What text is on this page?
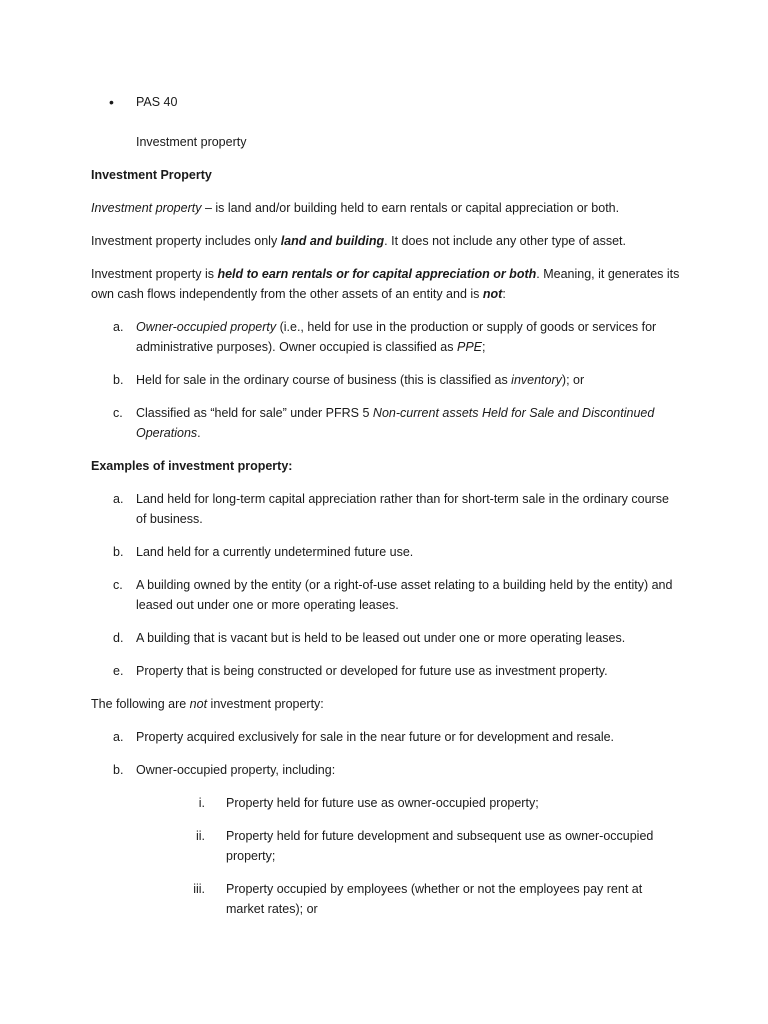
• PAS 40
Investment property

Investment Property

Investment property – is land and/or building held to earn rentals or capital appreciation or both.

Investment property includes only land and building. It does not include any other type of asset.

Investment property is held to earn rentals or for capital appreciation or both. Meaning, it generates its own cash flows independently from the other assets of an entity and is not:

a. Owner-occupied property (i.e., held for use in the production or supply of goods or services for administrative purposes). Owner occupied is classified as PPE;
b. Held for sale in the ordinary course of business (this is classified as inventory); or
c. Classified as “held for sale” under PFRS 5 Non-current assets Held for Sale and Discontinued Operations.

Examples of investment property:

a. Land held for long-term capital appreciation rather than for short-term sale in the ordinary course of business.
b. Land held for a currently undetermined future use.
c. A building owned by the entity (or a right-of-use asset relating to a building held by the entity) and leased out under one or more operating leases.
d. A building that is vacant but is held to be leased out under one or more operating leases.
e. Property that is being constructed or developed for future use as investment property.

The following are not investment property:

a. Property acquired exclusively for sale in the near future or for development and resale.
b. Owner-occupied property, including:
i. Property held for future use as owner-occupied property;
ii. Property held for future development and subsequent use as owner-occupied property;
iii. Property occupied by employees (whether or not the employees pay rent at market rates); or
